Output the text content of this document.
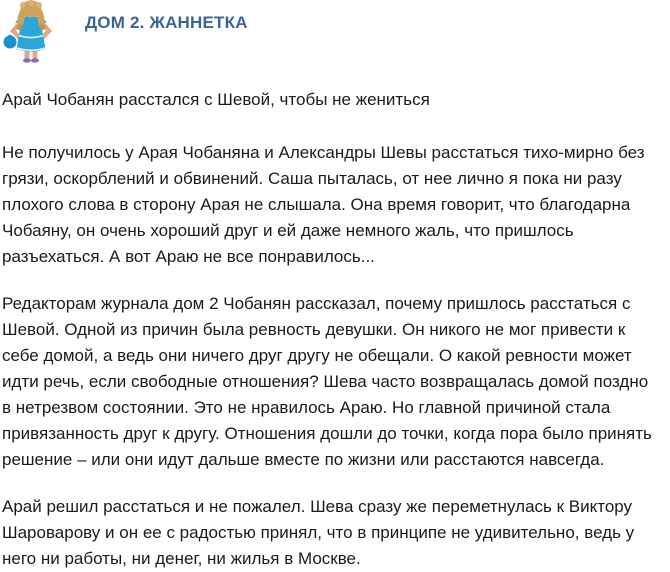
ДОМ 2. ЖАННЕТКА

Арай Чобанян расстался с Шевой, чтобы не жениться

Не получилось у Арая Чобаняна и Александры Шевы расстаться тихо-мирно без грязи, оскорблений и обвинений. Саша пыталась, от нее лично я пока ни разу плохого слова в сторону Арая не слышала. Она время говорит, что благодарна Чобаяну, он очень хороший друг и ей даже немного жаль, что пришлось разъехаться. А вот Араю не все понравилось...

Редакторам журнала дом 2 Чобанян рассказал, почему пришлось расстаться с Шевой. Одной из причин была ревность девушки. Он никого не мог привести к себе домой, а ведь они ничего друг другу не обещали. О какой ревности может идти речь, если свободные отношения? Шева часто возвращалась домой поздно в нетрезвом состоянии. Это не нравилось Араю. Но главной причиной стала привязанность друг к другу. Отношения дошли до точки, когда пора было принять решение – или они идут дальше вместе по жизни или расстаются навсегда.

Арай решил расстаться и не пожалел. Шева сразу же переметнулась к Виктору Шароварову и он ее с радостью принял, что в принципе не удивительно, ведь у него ни работы, ни денег, ни жилья в Москве.
